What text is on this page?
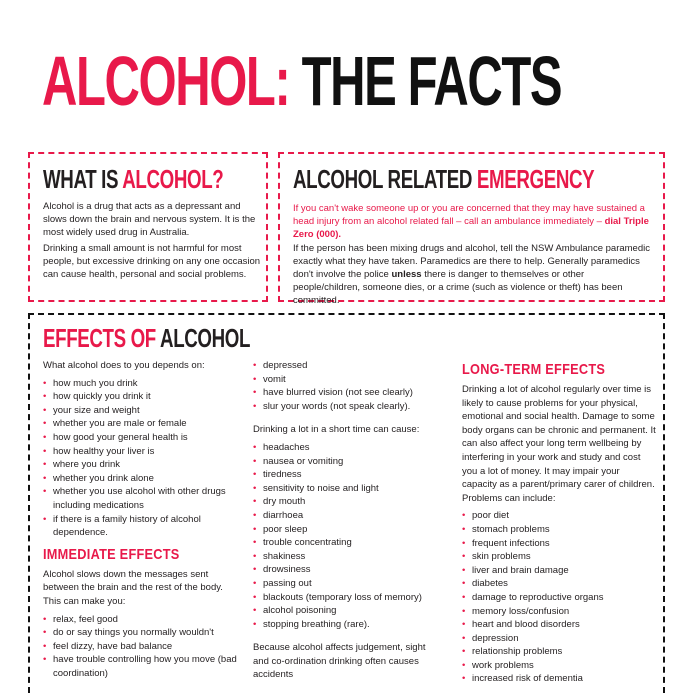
ALCOHOL: THE FACTS
WHAT IS ALCOHOL?

Alcohol is a drug that acts as a depressant and slows down the brain and nervous system. It is the most widely used drug in Australia.

Drinking a small amount is not harmful for most people, but excessive drinking on any one occasion can cause health, personal and social problems.

ALCOHOL RELATED EMERGENCY

If you can't wake someone up or you are concerned that they may have sustained a head injury from an alcohol related fall – call an ambulance immediately – dial Triple Zero (000).

If the person has been mixing drugs and alcohol, tell the NSW Ambulance paramedic exactly what they have taken. Paramedics are there to help. Generally paramedics don't involve the police unless there is danger to themselves or other people/children, someone dies, or a crime (such as violence or theft) has been committed.

EFFECTS OF ALCOHOL

What alcohol does to you depends on:

• how much you drink
• how quickly you drink it
• your size and weight
• whether you are male or female
• how good your general health is
• how healthy your liver is
• where you drink
• whether you drink alone
• whether you use alcohol with other drugs including medications
• if there is a family history of alcohol dependence.
IMMEDIATE EFFECTS

Alcohol slows down the messages sent between the brain and the rest of the body. This can make you:

• relax, feel good
• do or say things you normally wouldn't
• feel dizzy, have bad balance
• have trouble controlling how you move (bad coordination)
• depressed
• vomit
• have blurred vision (not see clearly)
• slur your words (not speak clearly).

Drinking a lot in a short time can cause:

• headaches
• nausea or vomiting
• tiredness
• sensitivity to noise and light
• dry mouth
• diarrhoea
• poor sleep
• trouble concentrating
• shakiness
• drowsiness
• passing out
• blackouts (temporary loss of memory)
• alcohol poisoning
• stopping breathing (rare).

Because alcohol affects judgement, sight and co-ordination drinking often causes accidents

LONG-TERM EFFECTS

Drinking a lot of alcohol regularly over time is likely to cause problems for your physical, emotional and social health. Damage to some body organs can be chronic and permanent. It can also affect your long term wellbeing by interfering in your work and study and cost you a lot of money. It may impair your capacity as a parent/primary carer of children. Problems can include:

• poor diet
• stomach problems
• frequent infections
• skin problems
• liver and brain damage
• diabetes
• damage to reproductive organs
• memory loss/confusion
• heart and blood disorders
• depression
• relationship problems
• work problems
• increased risk of dementia
